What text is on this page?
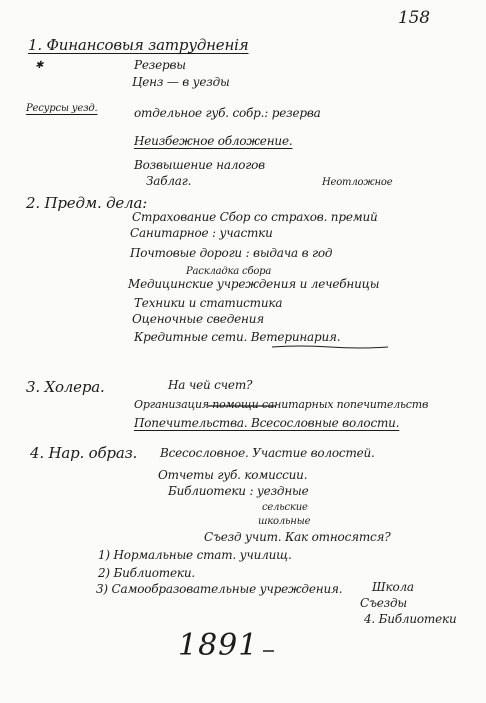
158
1. Финансовыя затрудненія
✱	Резервы
Ценз — в уезды
Ресурсы уезд.	отдельное губ. собр.: резерва
Неизбежное обложение.
Возвышение налогов
Заблаг.	Неотложное
2. Предм. дела:
Страхование Сбор со страхов. премий
Санитарное : участки
Почтовые дороги : выдача в год
Раскладка сбора
Медицинские учреждения и лечебницы
Техники и статистика
Оценочные сведения
Кредитные сети. Ветеринария.
3. Холера.	На чей счет?
Организация помощи санитарных попечительств
Попечительства. Всесословные волости.
4. Нар. образ. Всесословное. Участие волостей.
Отчеты губ. комиссии.
Библиотеки : уездные
сельские
школьные
Съезд учит. Как относятся?
1) Нормальные стат. училищ.
2) Библиотеки.
3) Самообразовательные учреждения. Школа
Съезды
4. Библиотеки
1891
